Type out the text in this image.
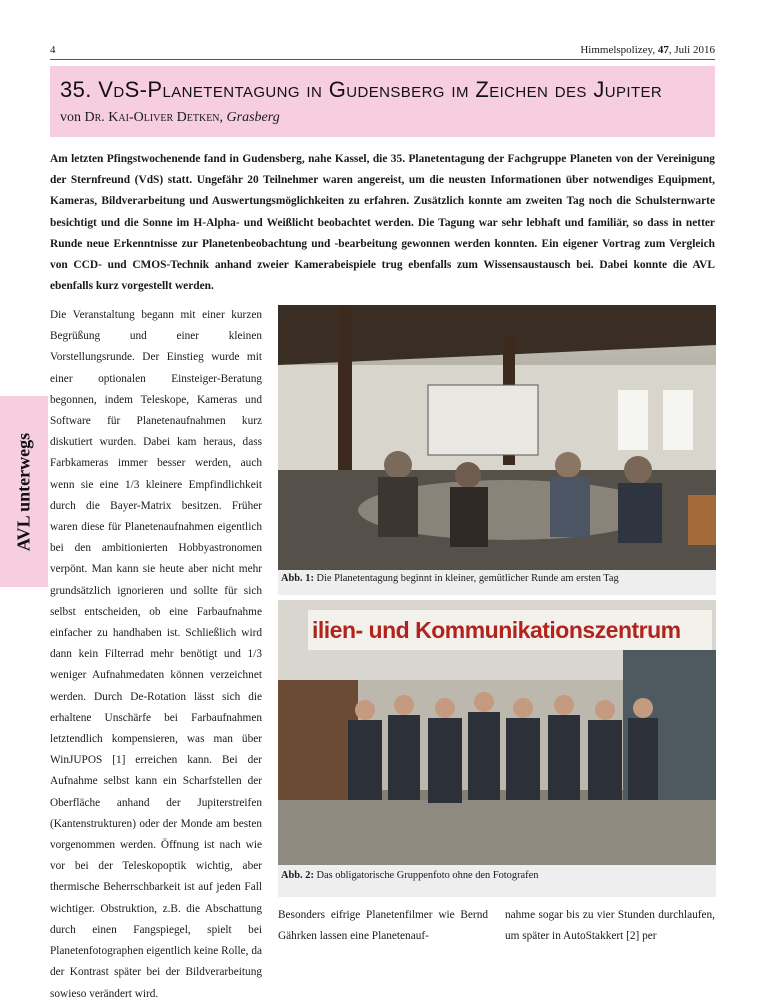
4	Himmelspolizey, 47, Juli 2016
35. VdS-Planetentagung in Gudensberg im Zeichen des Jupiter
von Dr. Kai-Oliver Detken, Grasberg
Am letzten Pfingstwochenende fand in Gudensberg, nahe Kassel, die 35. Planetentagung der Fachgruppe Planeten von der Vereinigung der Sternfreund (VdS) statt. Ungefähr 20 Teilnehmer waren angereist, um die neusten Informationen über notwendiges Equipment, Kameras, Bildverarbeitung und Auswertungsmöglichkeiten zu erfahren. Zusätzlich konnte am zweiten Tag noch die Schulsternwarte besichtigt und die Sonne im H-Alpha- und Weißlicht beobachtet werden. Die Tagung war sehr lebhaft und familiär, so dass in netter Runde neue Erkenntnisse zur Planetenbeobachtung und -bearbeitung gewonnen werden konnten. Ein eigener Vortrag zum Vergleich von CCD- und CMOS-Technik anhand zweier Kamerabeispiele trug ebenfalls zum Wissensaustausch bei. Dabei konnte die AVL ebenfalls kurz vorgestellt werden.
AVL unterwegs

Die Veranstaltung begann mit einer kurzen Begrüßung und einer kleinen Vorstellungsrunde. Der Einstieg wurde mit einer optionalen Einsteiger-Beratung begonnen, indem Teleskope, Kameras und Software für Planetenaufnahmen kurz diskutiert wurden. Dabei kam heraus, dass Farbkameras immer besser werden, auch wenn sie eine 1/3 kleinere Empfindlichkeit durch die Bayer-Matrix besitzen. Früher waren diese für Planetenaufnahmen eigentlich bei den ambitionierten Hobbyastronomen verpönt. Man kann sie heute aber nicht mehr grundsätzlich ignorieren und sollte für sich selbst entscheiden, ob eine Farbaufnahme einfacher zu handhaben ist. Schließlich wird dann kein Filterrad mehr benötigt und 1/3 weniger Aufnahmedaten können verzeichnet werden. Durch De-Rotation lässt sich die erhaltene Unschärfe bei Farbaufnahmen letztendlich kompensieren, was man über WinJUPOS [1] erreichen kann. Bei der Aufnahme selbst kann ein Scharfstellen der Oberfläche anhand der Jupiterstreifen (Kantenstrukturen) oder der Monde am besten vorgenommen werden. Öffnung ist nach wie vor bei der Teleskopoptik wichtig, aber thermische Beherrschbarkeit ist auf jeden Fall wichtiger. Obstruktion, z.B. die Abschattung durch einen Fangspiegel, spielt bei Planetenfotographen eigentlich keine Rolle, da der Kontrast später bei der Bildverarbeitung sowieso verändert wird.

Besonders eifrige Planetenfilmer wie Bernd Gährken lassen eine Planetenauf-

nahme sogar bis zu vier Stunden durchlaufen, um später in AutoStakkert [2] per

Abb. 1: Die Planetentagung beginnt in kleiner, gemütlicher Runde am ersten Tag
ilien- und Kommunikationszentrum
Abb. 2: Das obligatorische Gruppenfoto ohne den Fotografen
